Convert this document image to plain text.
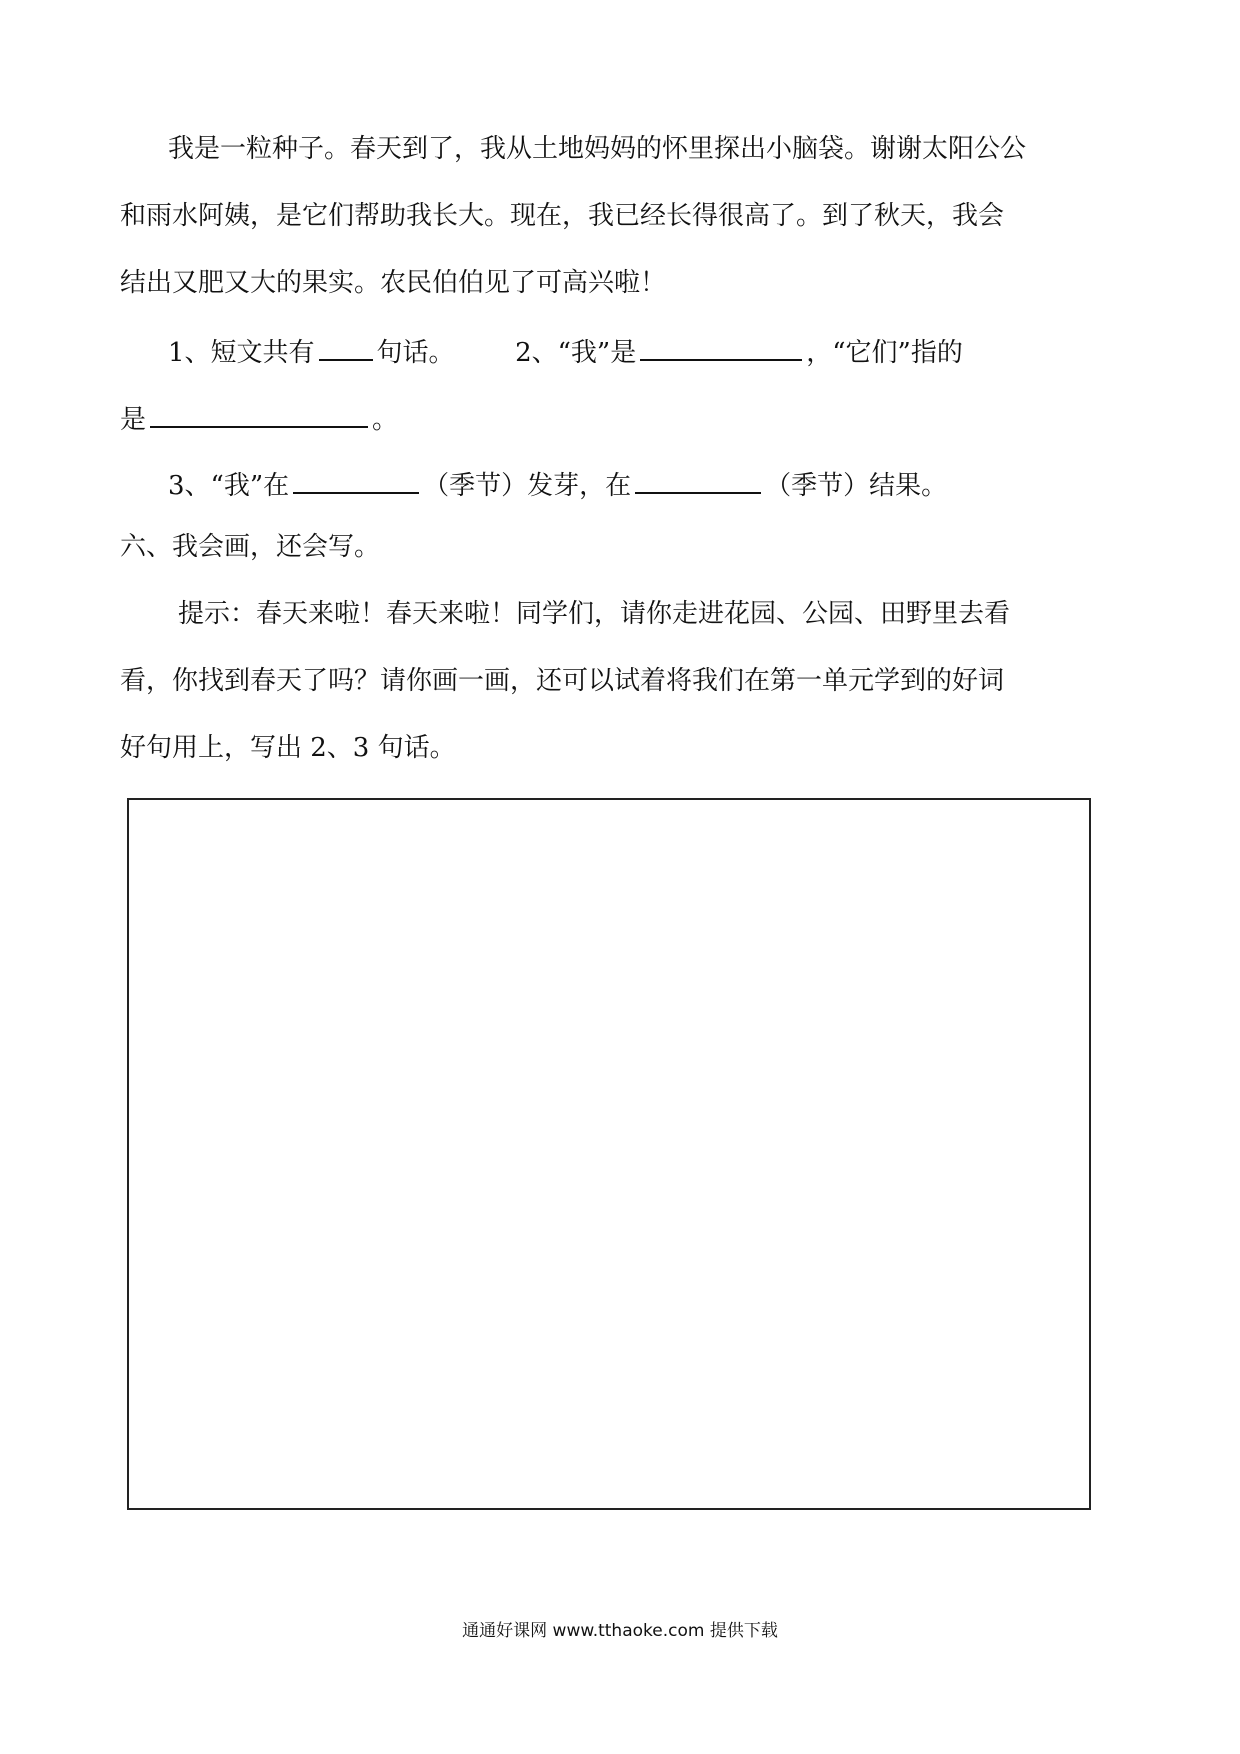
我是一粒种子。春天到了，我从土地妈妈的怀里探出小脑袋。谢谢太阳公公
和雨水阿姨，是它们帮助我长大。现在，我已经长得很高了。到了秋天，我会
结出又肥又大的果实。农民伯伯见了可高兴啦！
1、短文共有 句话。 2、“我”是	，“它们”指的
是	。
3、“我”在	（季节）发芽，在	（季节）结果。
六、我会画，还会写。
提示：春天来啦！春天来啦！同学们，请你走进花园、公园、田野里去看
看，你找到春天了吗？请你画一画，还可以试着将我们在第一单元学到的好词
好句用上，写出 2、3 句话。
通通好课网 www.tthaoke.com 提供下载
